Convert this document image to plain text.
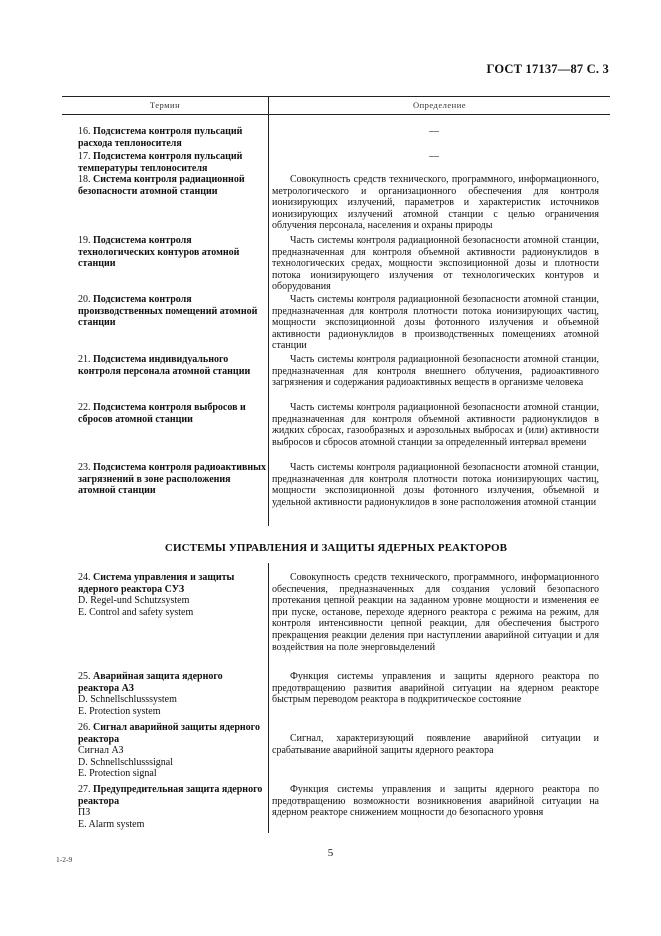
ГОСТ 17137—87 С. 3
Термин	Определение
16. Подсистема контроля пульсаций расхода теплоносителя
—
17. Подсистема контроля пульсаций температуры теплоносителя
—
18. Система контроля радиационной безопасности атомной станции
Совокупность средств технического, программного, информационного, метрологического и организационного обеспечения для контроля ионизирующих излучений, параметров и характеристик источников ионизирующих излучений атомной станции с целью ограничения облучения персонала, населения и охраны природы
19. Подсистема контроля технологических контуров атомной станции
Часть системы контроля радиационной безопасности атомной станции, предназначенная для контроля объемной активности радионуклидов в технологических средах, мощности экспозиционной дозы и плотности потока ионизирующего излучения от технологических контуров и оборудования
20. Подсистема контроля производственных помещений атомной станции
Часть системы контроля радиационной безопасности атомной станции, предназначенная для контроля плотности потока ионизирующих частиц, мощности экспозиционной дозы фотонного излучения и объемной активности радионуклидов в производственных помещениях атомной станции
21. Подсистема индивидуального контроля персонала атомной станции
Часть системы контроля радиационной безопасности атомной станции, предназначенная для контроля внешнего облучения, радиоактивного загрязнения и содержания радиоактивных веществ в организме человека
22. Подсистема контроля выбросов и сбросов атомной станции
Часть системы контроля радиационной безопасности атомной станции, предназначенная для контроля объемной активности радионуклидов в жидких сбросах, газообразных и аэрозольных выбросах и (или) активности выбросов и сбросов атомной станции за определенный интервал времени
23. Подсистема контроля радиоактивных загрязнений в зоне расположения атомной станции
Часть системы контроля радиационной безопасности атомной станции, предназначенная для контроля плотности потока ионизирующих частиц, мощности экспозиционной дозы фотонного излучения, объемной и удельной активности радионуклидов в зоне расположения атомной станции
СИСТЕМЫ УПРАВЛЕНИЯ И ЗАЩИТЫ ЯДЕРНЫХ РЕАКТОРОВ
24. Система управления и защиты ядерного реактора СУЗ
D. Regel-und Schutzsystem
E. Control and safety system
Совокупность средств технического, программного, информационного обеспечения, предназначенных для создания условий безопасного протекания цепной реакции на заданном уровне мощности и изменения ее при пуске, останове, переходе ядерного реактора с режима на режим, для контроля интенсивности цепной реакции, для обеспечения быстрого прекращения реакции деления при наступлении аварийной ситуации и для воздействия на поле энерговыделений
25. Аварийная защита ядерного реактора АЗ
D. Schnellschlusssystem
E. Protection system
Функция системы управления и защиты ядерного реактора по предотвращению развития аварийной ситуации на ядерном реакторе быстрым переводом реактора в подкритическое состояние
26. Сигнал аварийной защиты ядерного реактора
Сигнал АЗ
D. Schnellschlusssignal
E. Protection signal
Сигнал, характеризующий появление аварийной ситуации и срабатывание аварийной защиты ядерного реактора
27. Предупредительная защита ядерного реактора
ПЗ
E. Alarm system
Функция системы управления и защиты ядерного реактора по предотвращению возможности возникновения аварийной ситуации на ядерном реакторе снижением мощности до безопасного уровня
5
1-2-9
